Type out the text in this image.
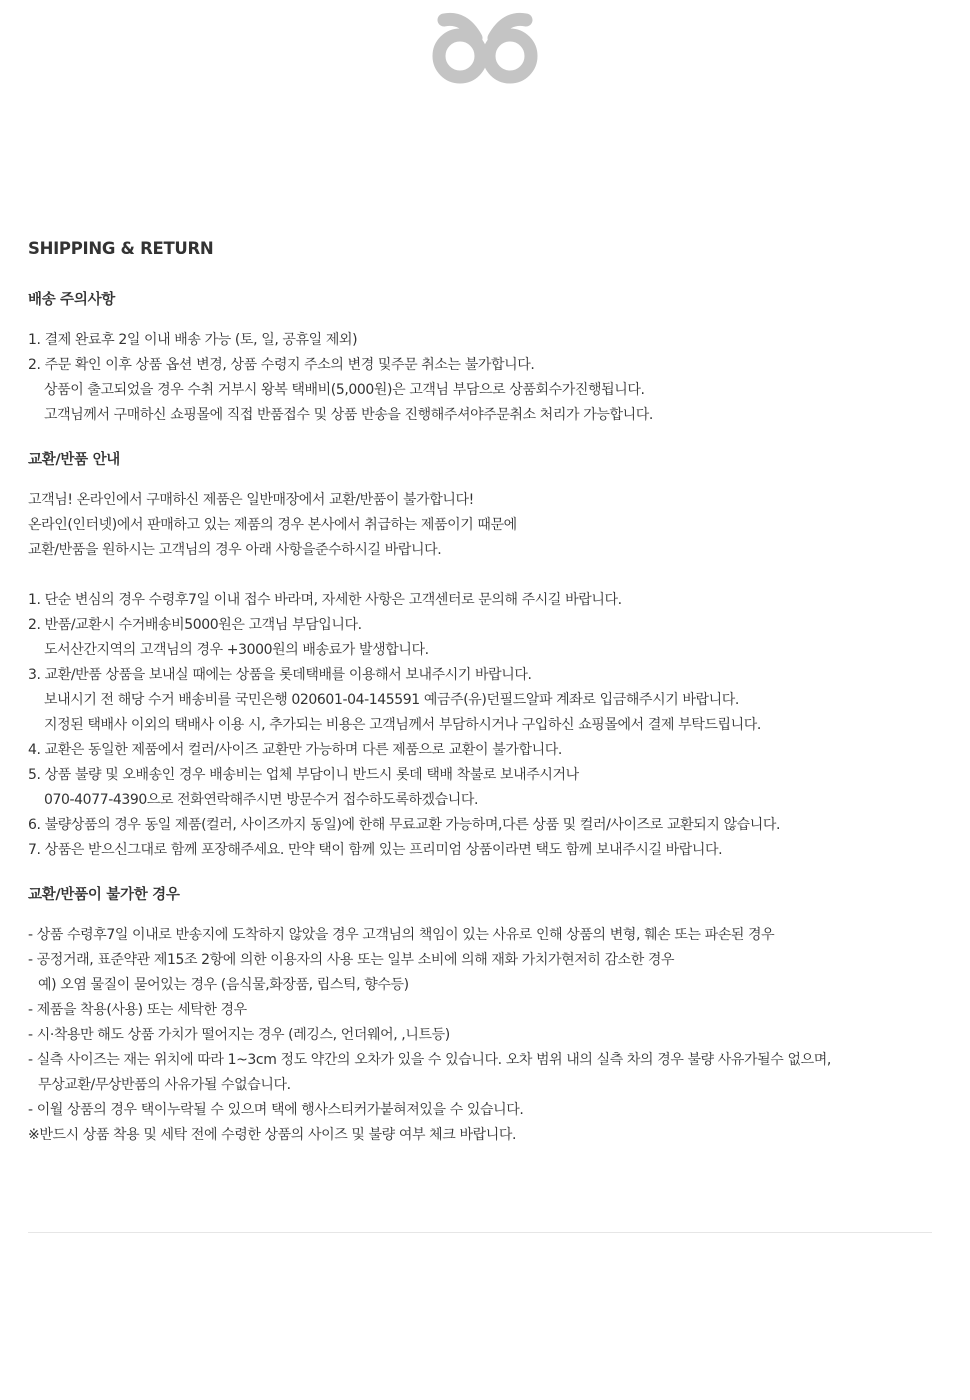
SHIPPING & RETURN
배송 주의사항
1. 결제 완료후 2일 이내 배송 가능 (토, 일, 공휴일 제외)
2. 주문 확인 이후 상품 옵션 변경, 상품 수령지 주소의 변경 및주문 취소는 불가합니다.
상품이 출고되었을 경우 수취 거부시 왕복 택배비(5,000원)은 고객님 부담으로 상품회수가진행됩니다.
고객님께서 구매하신 쇼핑몰에 직접 반품접수 및 상품 반송을 진행해주셔야주문취소 처리가 가능합니다.
교환/반품 안내
고객님! 온라인에서 구매하신 제품은 일반매장에서 교환/반품이 불가합니다!
온라인(인터넷)에서 판매하고 있는 제품의 경우 본사에서 취급하는 제품이기 때문에
교환/반품을 원하시는 고객님의 경우 아래 사항을준수하시길 바랍니다.
1. 단순 변심의 경우 수령후7일 이내 접수 바라며, 자세한 사항은 고객센터로 문의해 주시길 바랍니다.
2. 반품/교환시 수거배송비5000원은 고객님 부담입니다.
도서산간지역의 고객님의 경우 +3000원의 배송료가 발생합니다.
3. 교환/반품 상품을 보내실 때에는 상품을 롯데택배를 이용해서 보내주시기 바랍니다.
보내시기 전 해당 수거 배송비를 국민은행 020601-04-145591 예금주(유)던필드알파 계좌로 입금해주시기 바랍니다.
지정된 택배사 이외의 택배사 이용 시, 추가되는 비용은 고객님께서 부담하시거나 구입하신 쇼핑몰에서 결제 부탁드립니다.
4. 교환은 동일한 제품에서 컬러/사이즈 교환만 가능하며 다른 제품으로 교환이 불가합니다.
5. 상품 불량 및 오배송인 경우 배송비는 업체 부담이니 반드시 롯데 택배 착불로 보내주시거나
070-4077-4390으로 전화연락해주시면 방문수거 접수하도록하겠습니다.
6. 불량상품의 경우 동일 제품(컬러, 사이즈까지 동일)에 한해 무료교환 가능하며,다른 상품 및 컬러/사이즈로 교환되지 않습니다.
7. 상품은 받으신그대로 함께 포장해주세요. 만약 택이 함께 있는 프리미엄 상품이라면 택도 함께 보내주시길 바랍니다.
교환/반품이 불가한 경우
- 상품 수령후7일 이내로 반송지에 도착하지 않았을 경우 고객님의 책임이 있는 사유로 인해 상품의 변형, 훼손 또는 파손된 경우
- 공정거래, 표준약관 제15조 2항에 의한 이용자의 사용 또는 일부 소비에 의해 재화 가치가현저히 감소한 경우
예) 오염 물질이 묻어있는 경우 (음식물,화장품, 립스틱, 향수등)
- 제품을 착용(사용) 또는 세탁한 경우
- 시·착용만 해도 상품 가치가 떨어지는 경우 (레깅스, 언더웨어, ,니트등)
- 실측 사이즈는 재는 위치에 따라 1~3cm 정도 약간의 오차가 있을 수 있습니다. 오차 범위 내의 실측 차의 경우 불량 사유가될수 없으며,
무상교환/무상반품의 사유가될 수없습니다.
- 이월 상품의 경우 택이누락될 수 있으며 택에 행사스티커가붙혀져있을 수 있습니다.
※반드시 상품 착용 및 세탁 전에 수령한 상품의 사이즈 및 불량 여부 체크 바랍니다.
